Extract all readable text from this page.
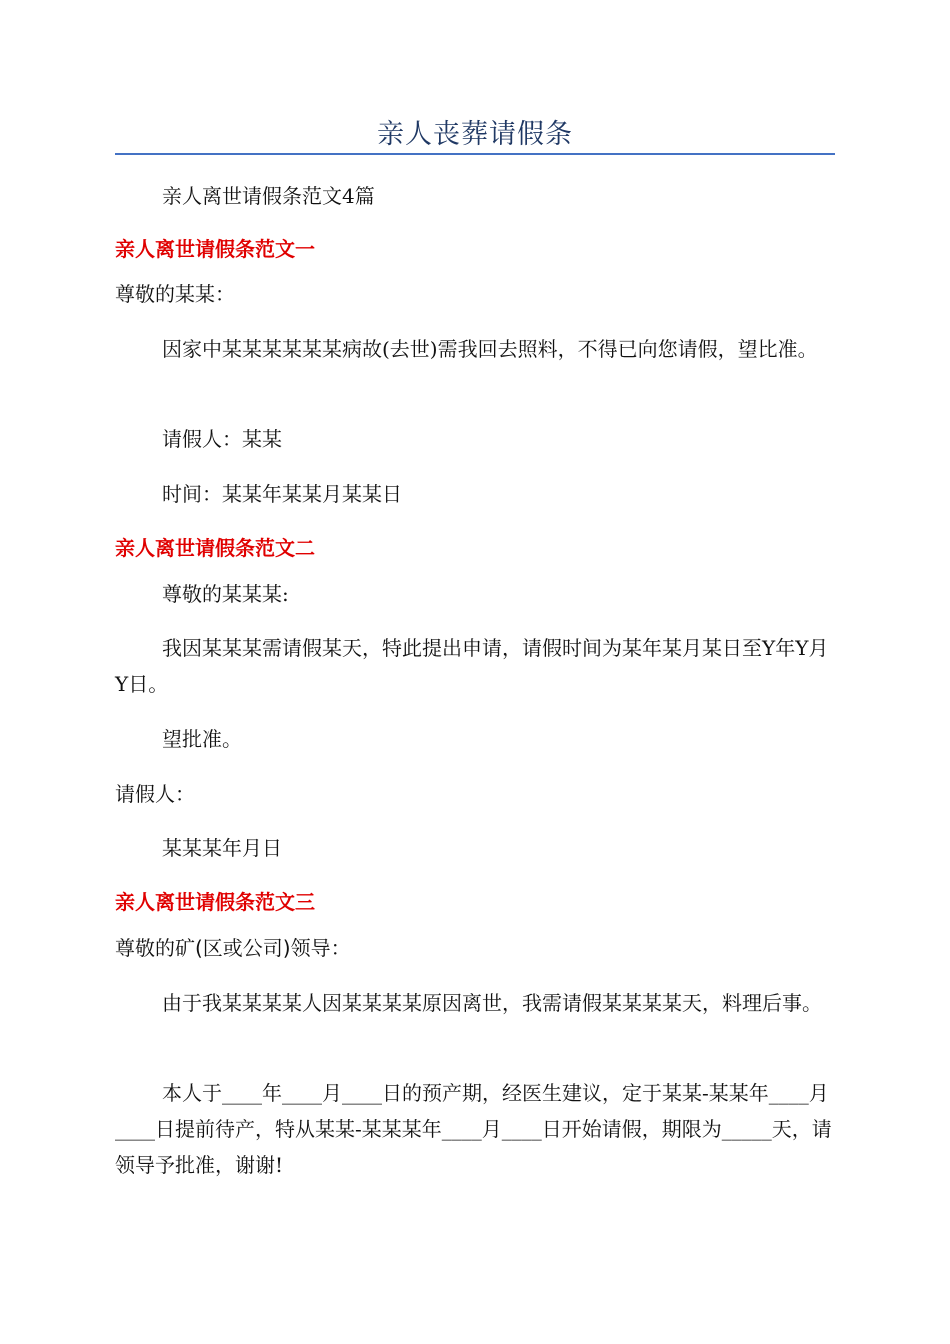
亲人丧葬请假条

亲人离世请假条范文4篇

亲人离世请假条范文一

尊敬的某某：

因家中某某某某某某病故(去世)需我回去照料，不得已向您请假，望比准。

请假人：某某

时间：某某年某某月某某日

亲人离世请假条范文二

尊敬的某某某:

我因某某某需请假某天，特此提出申请，请假时间为某年某月某日至Y年Y月Y日。

望批准。

请假人：

某某某年月日

亲人离世请假条范文三

尊敬的矿(区或公司)领导：

由于我某某某某人因某某某某原因离世，我需请假某某某某天，料理后事。

本人于____年____月____日的预产期，经医生建议，定于某某-某某年____月____日提前待产，特从某某-某某某年____月____日开始请假，期限为_____天，请领导予批准，谢谢!
